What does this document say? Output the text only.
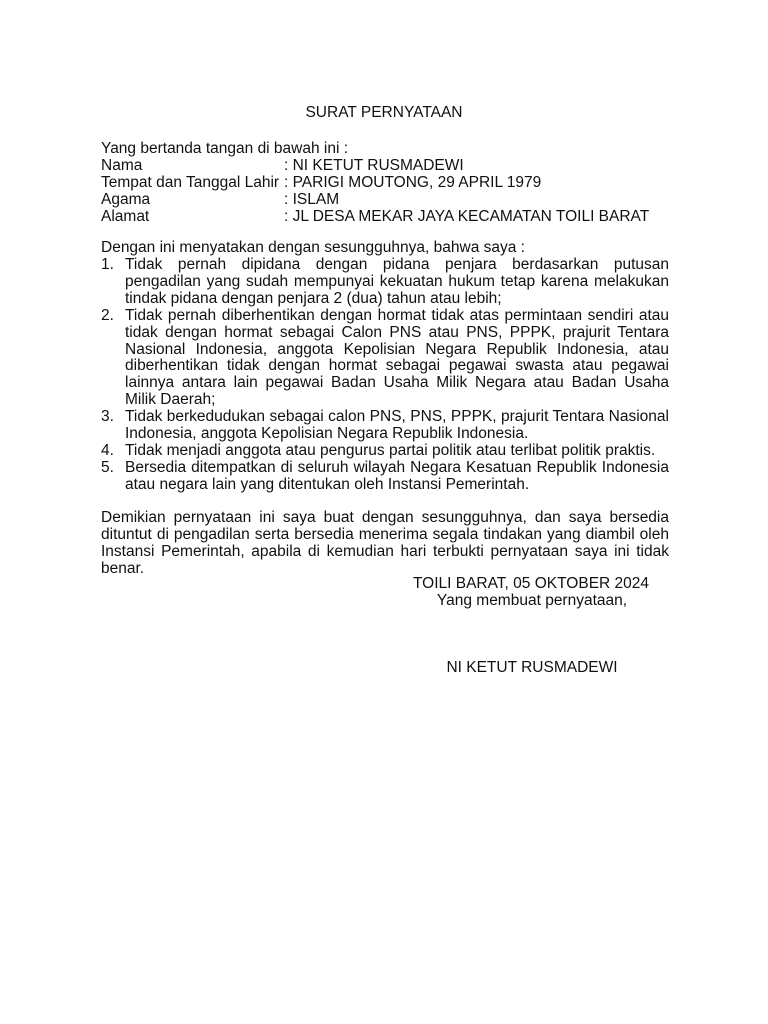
SURAT PERNYATAAN
Yang bertanda tangan di bawah ini :
Nama	: NI KETUT RUSMADEWI
Tempat dan Tanggal Lahir : PARIGI MOUTONG, 29 APRIL 1979
Agama	: ISLAM
Alamat	: JL DESA MEKAR JAYA KECAMATAN TOILI BARAT
Dengan ini menyatakan dengan sesungguhnya, bahwa saya :
1. Tidak pernah dipidana dengan pidana penjara berdasarkan putusan pengadilan yang sudah mempunyai kekuatan hukum tetap karena melakukan tindak pidana dengan penjara 2 (dua) tahun atau lebih;
2. Tidak pernah diberhentikan dengan hormat tidak atas permintaan sendiri atau tidak dengan hormat sebagai Calon PNS atau PNS, PPPK, prajurit Tentara Nasional Indonesia, anggota Kepolisian Negara Republik Indonesia, atau diberhentikan tidak dengan hormat sebagai pegawai swasta atau pegawai lainnya antara lain pegawai Badan Usaha Milik Negara atau Badan Usaha Milik Daerah;
3. Tidak berkedudukan sebagai calon PNS, PNS, PPPK, prajurit Tentara Nasional Indonesia, anggota Kepolisian Negara Republik Indonesia.
4. Tidak menjadi anggota atau pengurus partai politik atau terlibat politik praktis.
5. Bersedia ditempatkan di seluruh wilayah Negara Kesatuan Republik Indonesia atau negara lain yang ditentukan oleh Instansi Pemerintah.
Demikian pernyataan ini saya buat dengan sesungguhnya, dan saya bersedia dituntut di pengadilan serta bersedia menerima segala tindakan yang diambil oleh Instansi Pemerintah, apabila di kemudian hari terbukti pernyataan saya ini tidak benar.
TOILI BARAT, 05 OKTOBER 2024
Yang membuat pernyataan,
NI KETUT RUSMADEWI
